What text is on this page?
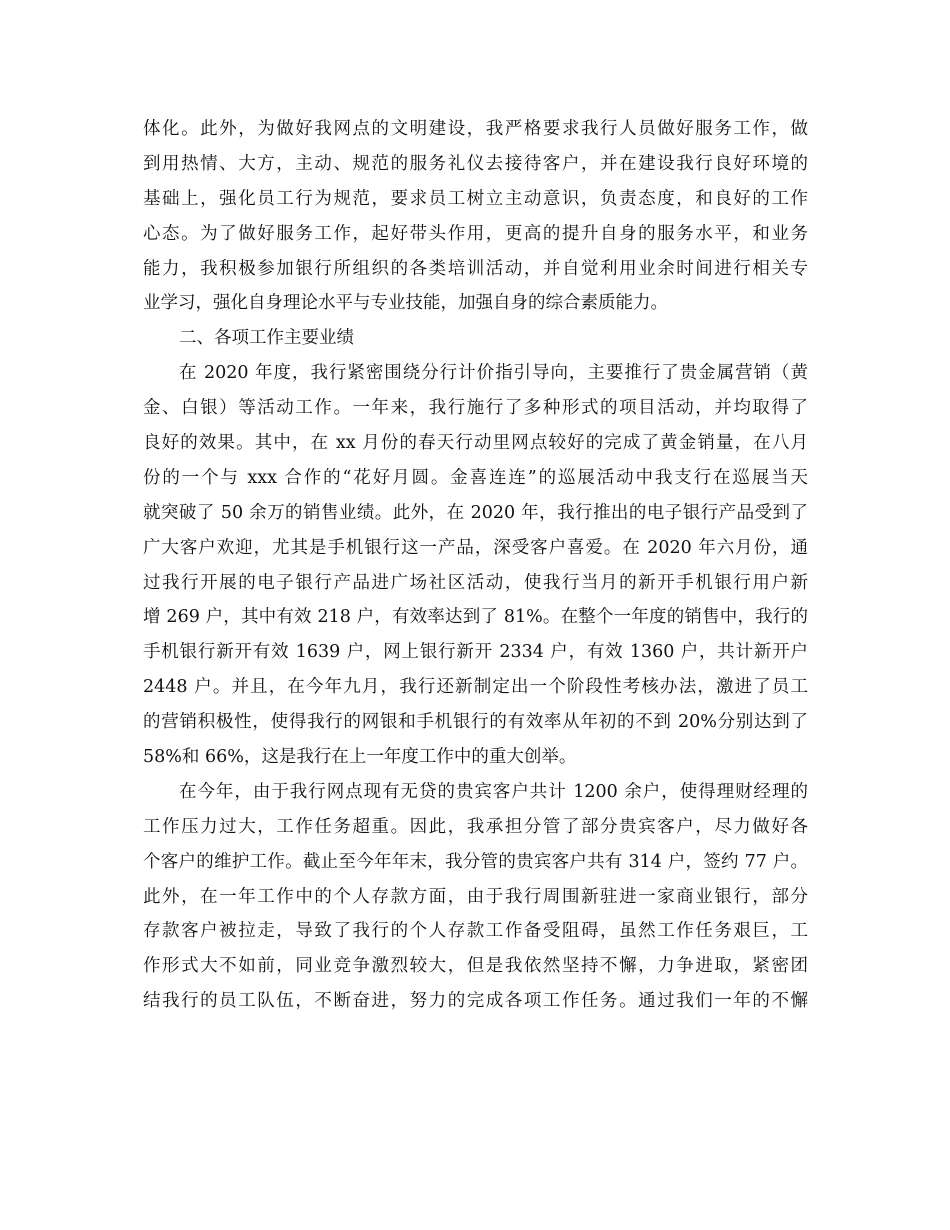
体化。此外，为做好我网点的文明建设，我严格要求我行人员做好服务工作，做
到用热情、大方，主动、规范的服务礼仪去接待客户，并在建设我行良好环境的
基础上，强化员工行为规范，要求员工树立主动意识，负责态度，和良好的工作
心态。为了做好服务工作，起好带头作用，更高的提升自身的服务水平，和业务
能力，我积极参加银行所组织的各类培训活动，并自觉利用业余时间进行相关专
业学习，强化自身理论水平与专业技能，加强自身的综合素质能力。
二、各项工作主要业绩
在 2020 年度，我行紧密围绕分行计价指引导向，主要推行了贵金属营销（黄
金、白银）等活动工作。一年来，我行施行了多种形式的项目活动，并均取得了
良好的效果。其中，在 xx 月份的春天行动里网点较好的完成了黄金销量，在八月
份的一个与 xxx 合作的“花好月圆。金喜连连”的巡展活动中我支行在巡展当天
就突破了 50 余万的销售业绩。此外，在 2020 年，我行推出的电子银行产品受到了
广大客户欢迎，尤其是手机银行这一产品，深受客户喜爱。在 2020 年六月份，通
过我行开展的电子银行产品进广场社区活动，使我行当月的新开手机银行用户新
增 269 户，其中有效 218 户，有效率达到了 81%。在整个一年度的销售中，我行的
手机银行新开有效 1639 户，网上银行新开 2334 户，有效 1360 户，共计新开户
2448 户。并且，在今年九月，我行还新制定出一个阶段性考核办法，激进了员工
的营销积极性，使得我行的网银和手机银行的有效率从年初的不到 20%分别达到了
58%和 66%，这是我行在上一年度工作中的重大创举。
在今年，由于我行网点现有无贷的贵宾客户共计 1200 余户，使得理财经理的
工作压力过大，工作任务超重。因此，我承担分管了部分贵宾客户，尽力做好各
个客户的维护工作。截止至今年年末，我分管的贵宾客户共有 314 户，签约 77 户。
此外，在一年工作中的个人存款方面，由于我行周围新驻进一家商业银行，部分
存款客户被拉走，导致了我行的个人存款工作备受阻碍，虽然工作任务艰巨，工
作形式大不如前，同业竞争激烈较大，但是我依然坚持不懈，力争进取，紧密团
结我行的员工队伍，不断奋进，努力的完成各项工作任务。通过我们一年的不懈
